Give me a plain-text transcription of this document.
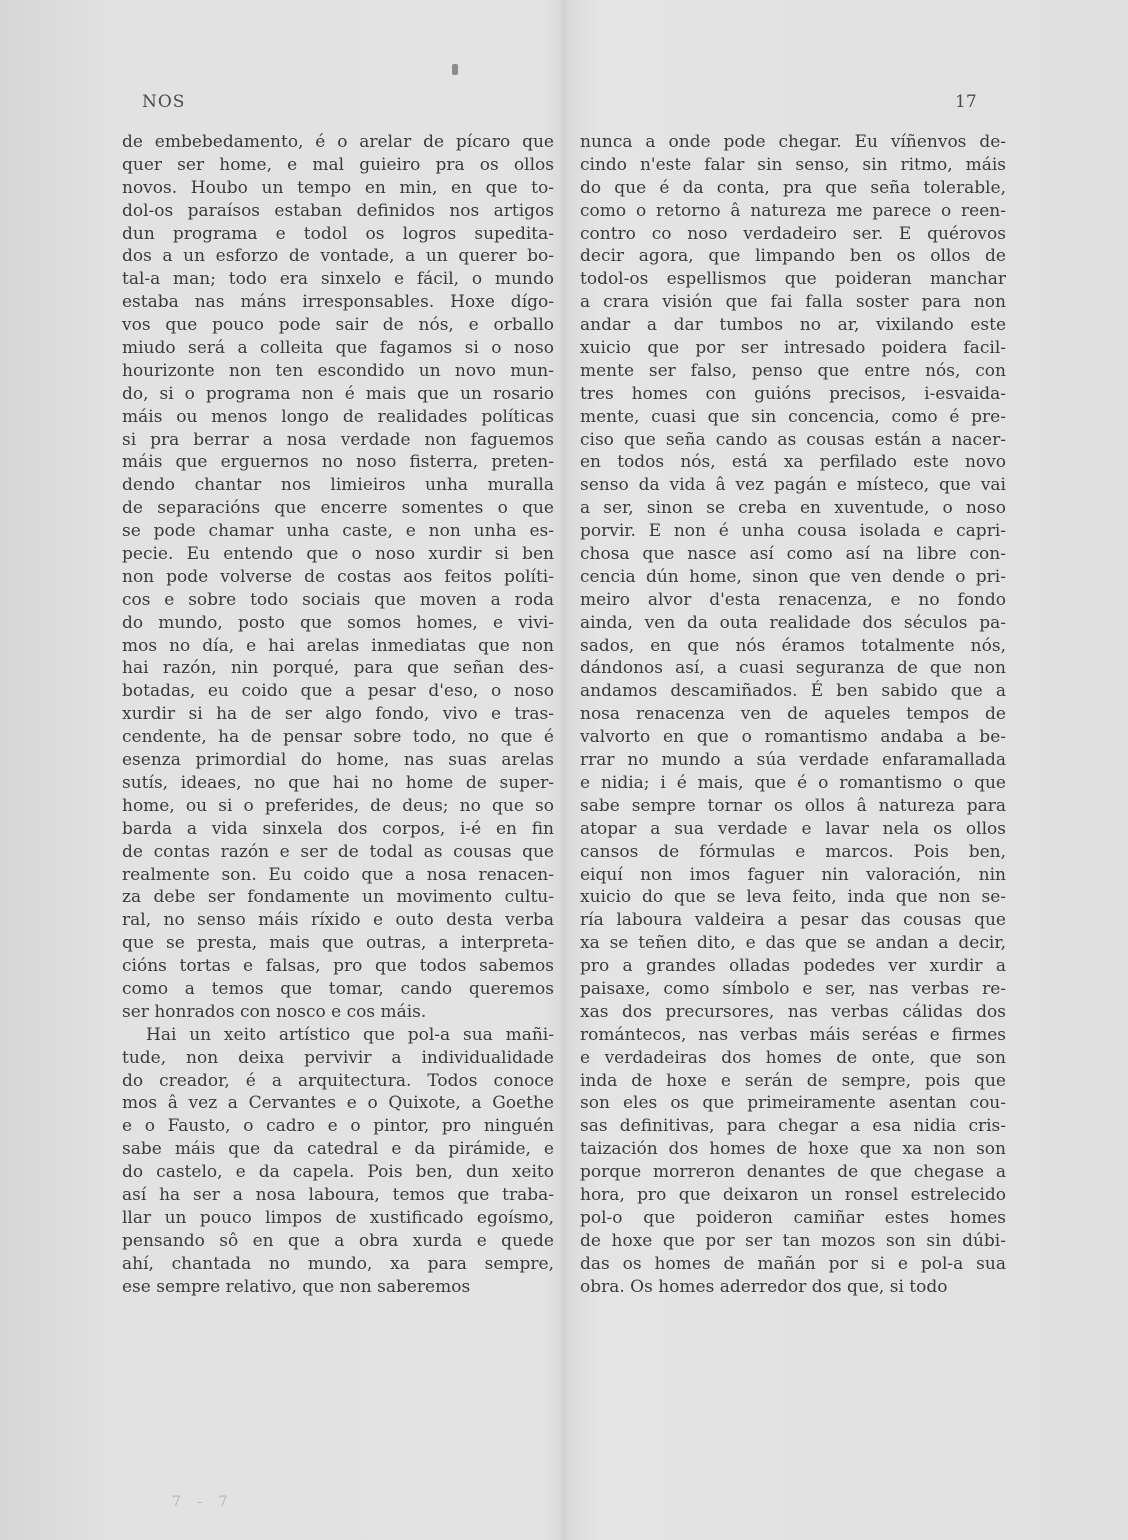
NOS	17
de embebedamento, é o arelar de pícaro que
quer ser home, e mal guieiro pra os ollos
novos. Houbo un tempo en min, en que to-
dol-os paraísos estaban definidos nos artigos
dun programa e todol os logros supedita-
dos a un esforzo de vontade, a un querer bo-
tal-a man; todo era sinxelo e fácil, o mundo
estaba nas máns irresponsables. Hoxe dígo-
vos que pouco pode sair de nós, e orballo
miudo será a colleita que fagamos si o noso
hourizonte non ten escondido un novo mun-
do, si o programa non é mais que un rosario
máis ou menos longo de realidades políticas
si pra berrar a nosa verdade non faguemos
máis que erguernos no noso fisterra, preten-
dendo chantar nos limieiros unha muralla
de separacións que encerre somentes o que
se pode chamar unha caste, e non unha es-
pecie. Eu entendo que o noso xurdir si ben
non pode volverse de costas aos feitos políti-
cos e sobre todo sociais que moven a roda
do mundo, posto que somos homes, e vivi-
mos no día, e hai arelas inmediatas que non
hai razón, nin porqué, para que señan des-
botadas, eu coido que a pesar d'eso, o noso
xurdir si ha de ser algo fondo, vivo e tras-
cendente, ha de pensar sobre todo, no que é
esenza primordial do home, nas suas arelas
sutís, ideaes, no que hai no home de super-
home, ou si o preferides, de deus; no que so
barda a vida sinxela dos corpos, i-é en fin
de contas razón e ser de todal as cousas que
realmente son. Eu coido que a nosa renacen-
za debe ser fondamente un movimento cultu-
ral, no senso máis ríxido e outo desta verba
que se presta, mais que outras, a interpreta-
cións tortas e falsas, pro que todos sabemos
como a temos que tomar, cando queremos
ser honrados con nosco e cos máis.
Hai un xeito artístico que pol-a sua mañi-
tude, non deixa pervivir a individualidade
do creador, é a arquitectura. Todos conoce
mos â vez a Cervantes e o Quixote, a Goethe
e o Fausto, o cadro e o pintor, pro ninguén
sabe máis que da catedral e da pirámide, e
do castelo, e da capela. Pois ben, dun xeito
así ha ser a nosa laboura, temos que traba-
llar un pouco limpos de xustificado egoísmo,
pensando sô en que a obra xurda e quede
ahí, chantada no mundo, xa para sempre,
ese sempre relativo, que non saberemos
nunca a onde pode chegar. Eu víñenvos de-
cindo n'este falar sin senso, sin ritmo, máis
do que é da conta, pra que seña tolerable,
como o retorno â natureza me parece o reen-
contro co noso verdadeiro ser. E quérovos
decir agora, que limpando ben os ollos de
todol-os espellismos que poideran manchar
a crara visión que fai falla soster para non
andar a dar tumbos no ar, vixilando este
xuicio que por ser intresado poidera facil-
mente ser falso, penso que entre nós, con
tres homes con guións precisos, i-esvaida-
mente, cuasi que sin concencia, como é pre-
ciso que seña cando as cousas están a nacer-
en todos nós, está xa perfilado este novo
senso da vida â vez pagán e místeco, que vai
a ser, sinon se creba en xuventude, o noso
porvir. E non é unha cousa isolada e capri-
chosa que nasce así como así na libre con-
cencia dún home, sinon que ven dende o pri-
meiro alvor d'esta renacenza, e no fondo
ainda, ven da outa realidade dos séculos pa-
sados, en que nós éramos totalmente nós,
dándonos así, a cuasi seguranza de que non
andamos descamiñados. É ben sabido que a
nosa renacenza ven de aqueles tempos de
valvorto en que o romantismo andaba a be-
rrar no mundo a súa verdade enfaramallada
e nidia; i é mais, que é o romantismo o que
sabe sempre tornar os ollos â natureza para
atopar a sua verdade e lavar nela os ollos
cansos de fórmulas e marcos. Pois ben,
eiquí non imos faguer nin valoración, nin
xuicio do que se leva feito, inda que non se-
ría laboura valdeira a pesar das cousas que
xa se teñen dito, e das que se andan a decir,
pro a grandes olladas podedes ver xurdir a
paisaxe, como símbolo e ser, nas verbas re-
xas dos precursores, nas verbas cálidas dos
romántecos, nas verbas máis seréas e firmes
e verdadeiras dos homes de onte, que son
inda de hoxe e serán de sempre, pois que
son eles os que primeiramente asentan cou-
sas definitivas, para chegar a esa nidia cris-
taización dos homes de hoxe que xa non son
porque morreron denantes de que chegase a
hora, pro que deixaron un ronsel estrelecido
pol-o que poideron camiñar estes homes
de hoxe que por ser tan mozos son sin dúbi-
das os homes de mañán por si e pol-a sua
obra. Os homes aderredor dos que, si todo
7 - 7
